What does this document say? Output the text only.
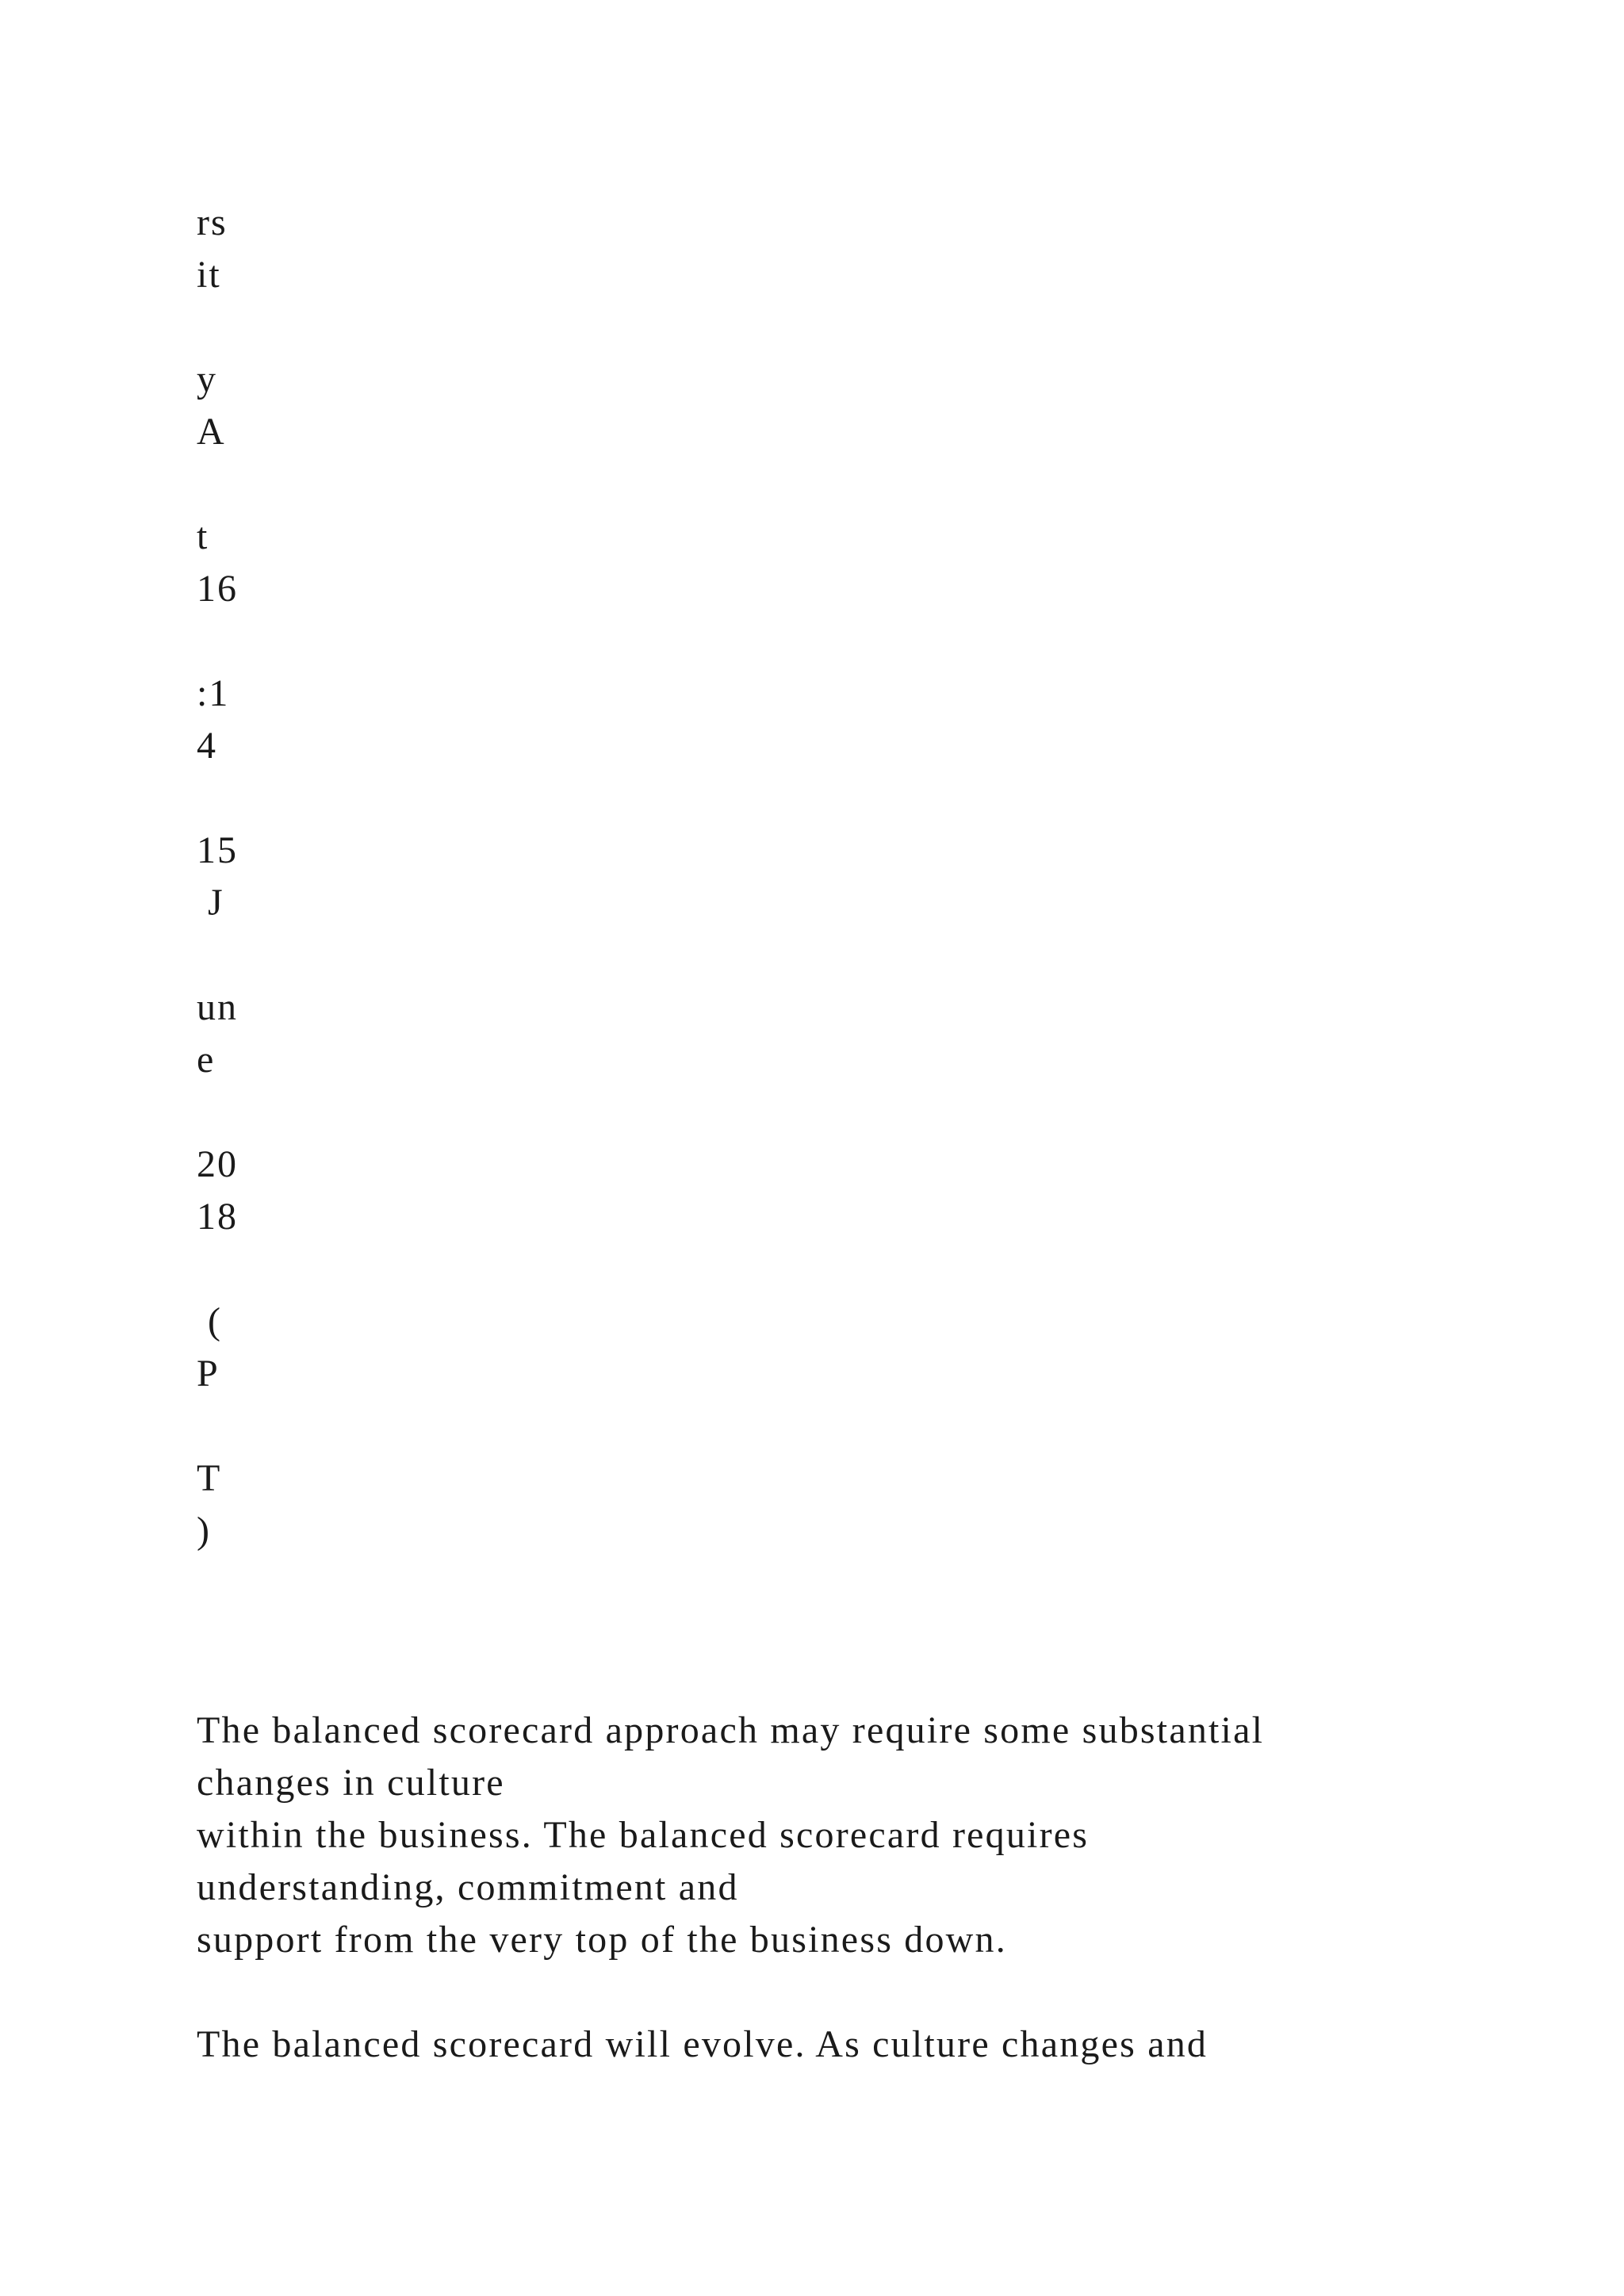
rs
it
y
A
t
16
:1
4
15
J
un
e
20
18
(
P
T
)
The balanced scorecard approach may require some substantial
changes in culture
within the business. The balanced scorecard requires
understanding, commitment and
support from the very top of the business down.
The balanced scorecard will evolve. As culture changes and
